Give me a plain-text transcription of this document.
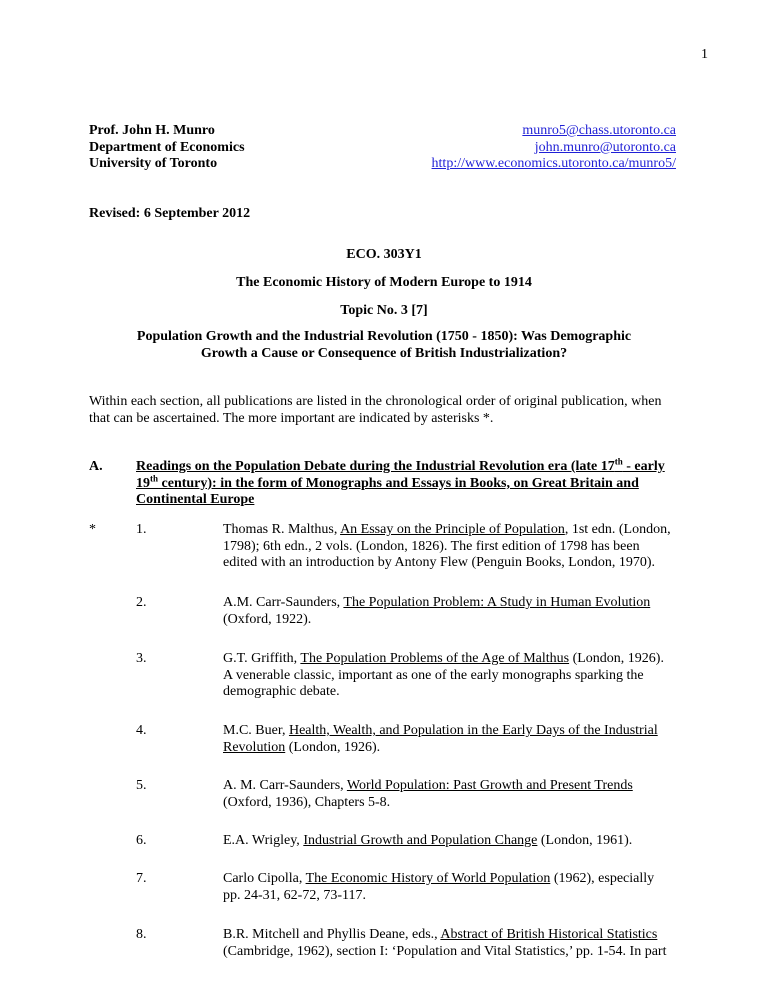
1
Prof. John H. Munro
Department of Economics
University of Toronto
munro5@chass.utoronto.ca
john.munro@utoronto.ca
http://www.economics.utoronto.ca/munro5/
Revised: 6 September 2012
ECO. 303Y1
The Economic History of Modern Europe to 1914
Topic No. 3 [7]
Population Growth and the Industrial Revolution (1750 - 1850): Was Demographic
Growth a Cause or Consequence of British Industrialization?
Within each section, all publications are listed in the chronological order of original publication, when
that can be ascertained. The more important are indicated by asterisks *.
A. Readings on the Population Debate during the Industrial Revolution era (late 17th - early
19th century): in the form of Monographs and Essays in Books, on Great Britain and Continental Europe
*	1.	Thomas R. Malthus, An Essay on the Principle of Population, 1st edn. (London, 1798); 6th edn., 2 vols. (London, 1826). The first edition of 1798 has been edited with an introduction by Antony Flew (Penguin Books, London, 1970).
2.	A.M. Carr-Saunders, The Population Problem: A Study in Human Evolution (Oxford, 1922).
3.	G.T. Griffith, The Population Problems of the Age of Malthus (London, 1926). A venerable classic, important as one of the early monographs sparking the demographic debate.
4.	M.C. Buer, Health, Wealth, and Population in the Early Days of the Industrial Revolution (London, 1926).
5.	A. M. Carr-Saunders, World Population: Past Growth and Present Trends (Oxford, 1936), Chapters 5-8.
6.	E.A. Wrigley, Industrial Growth and Population Change (London, 1961).
7.	Carlo Cipolla, The Economic History of World Population (1962), especially pp. 24-31, 62-72, 73-117.
8.	B.R. Mitchell and Phyllis Deane, eds., Abstract of British Historical Statistics (Cambridge, 1962), section I: ‘Population and Vital Statistics,’ pp. 1-54. In part
